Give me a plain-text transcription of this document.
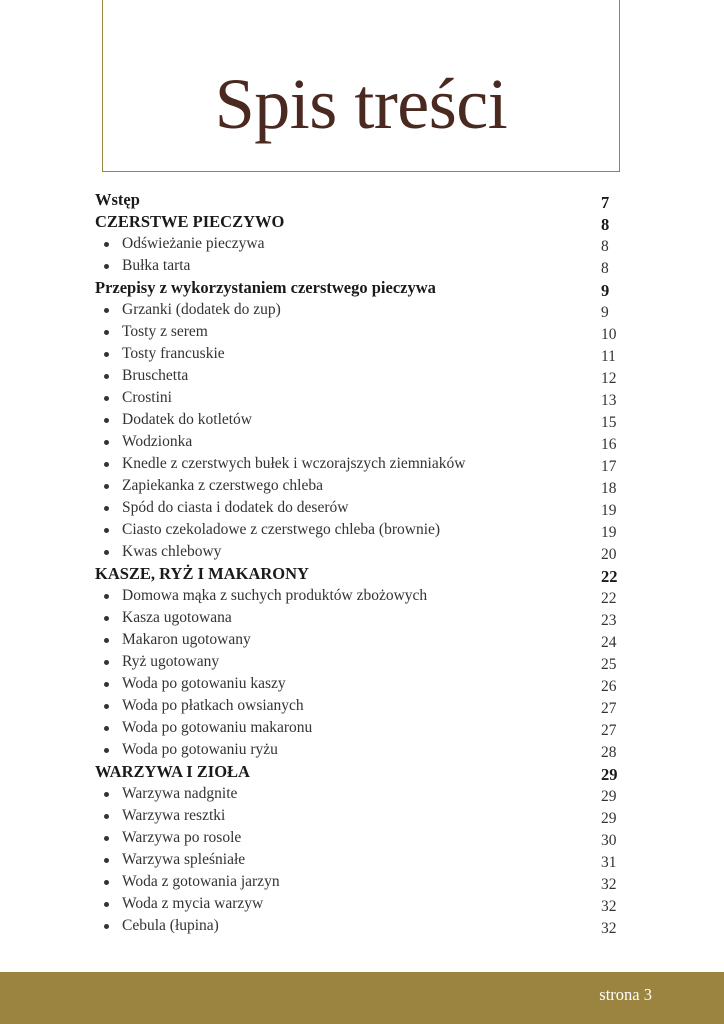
Spis treści
Wstęp	7
CZERSTWE PIECZYWO	8
Odświeżanie pieczywa	8
Bułka tarta	8
Przepisy z wykorzystaniem czerstwego pieczywa	9
Grzanki (dodatek do zup)	9
Tosty z serem	10
Tosty francuskie	11
Bruschetta	12
Crostini	13
Dodatek do kotletów	15
Wodzionka	16
Knedle z czerstwych bułek i wczorajszych ziemniaków	17
Zapiekanka z czerstwego chleba	18
Spód do ciasta i dodatek do deserów	19
Ciasto czekoladowe z czerstwego chleba (brownie)	19
Kwas chlebowy	20
KASZE, RYŻ I MAKARONY	22
Domowa mąka z suchych produktów zbożowych	22
Kasza ugotowana	23
Makaron ugotowany	24
Ryż ugotowany	25
Woda po gotowaniu kaszy	26
Woda po płatkach owsianych	27
Woda po gotowaniu makaronu	27
Woda po gotowaniu ryżu	28
WARZYWA I ZIOŁA	29
Warzywa nadgnite	29
Warzywa resztki	29
Warzywa po rosole	30
Warzywa spleśniałe	31
Woda z gotowania jarzyn	32
Woda z mycia warzyw	32
Cebula (łupina)	32
strona 3
